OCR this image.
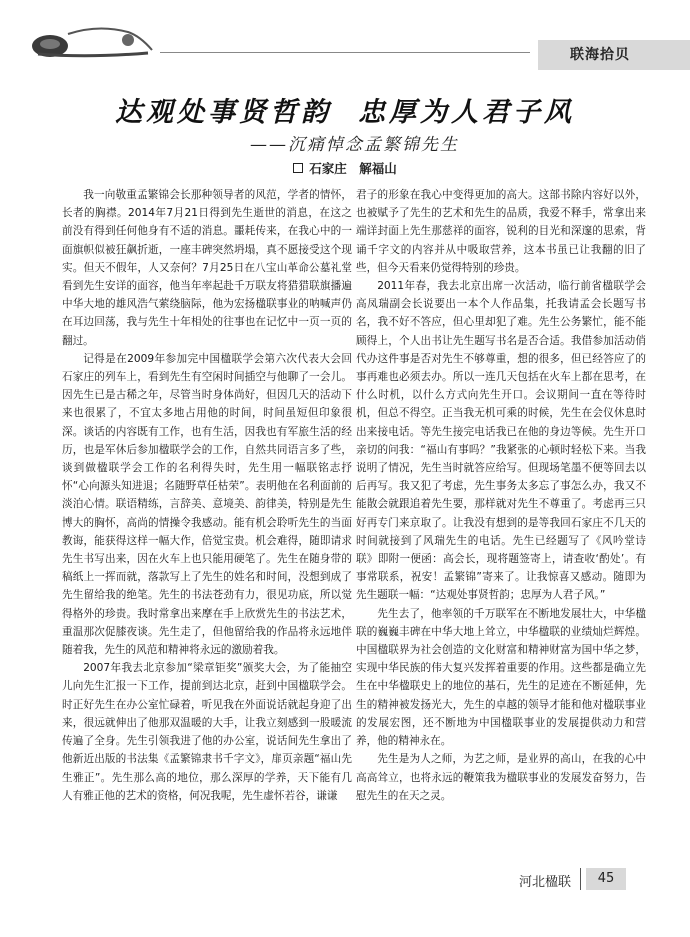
联海拾贝
达观处事贤哲韵 忠厚为人君子风
——沉痛悼念孟繁锦先生
石家庄　解福山

我一向敬重孟繁锦会长那种领导者的风范，学者的情怀，长者的胸襟。2014年7月21日得到先生逝世的消息，在这之前没有得到任何他身有不适的消息。噩耗传来，在我心中的一面旗帜似被狂飙折逝，一座丰碑突然坍塌，真不愿接受这个现实。但天不假年，人又奈何？7月25日在八宝山革命公墓礼堂看到先生安详的面容，他当年率起赴千万联友将猎猎联旗播遍中华大地的雄风浩气萦绕脑际，他为宏扬楹联事业的呐喊声仍在耳边回荡，我与先生十年相处的往事也在记忆中一页一页的翻过。

记得是在2009年参加完中国楹联学会第六次代表大会回石家庄的列车上，看到先生有空闲时间插空与他聊了一会儿。因先生已是古稀之年，尽管当时身体尚好，但因几天的活动下来也很累了，不宜太多地占用他的时间，时间虽短但印象很深。谈话的内容既有工作，也有生活，因我也有军旅生活的经历，也是军休后参加楹联学会的工作，自然共同语言多了些，谈到做楹联学会工作的名利得失时，先生用一幅联铭志抒怀“心向源头知进退；名随野草任枯荣”。表明他在名利面前的淡泊心情。联语精练，言辞美、意境美、韵律美，特别是先生博大的胸怀，高尚的情操令我感动。能有机会聆听先生的当面教诲，能获得这样一幅大作，倍觉宝贵。机会难得，随即请求先生书写出来，因在火车上也只能用硬笔了。先生在随身带的稿纸上一挥而就，落款写上了先生的姓名和时间，没想到成了先生留给我的绝笔。先生的书法苍劲有力，很见功底，所以觉得格外的珍贵。我时常拿出来摩在手上欣赏先生的书法艺术，重温那次促膝夜谈。先生走了，但他留给我的作品将永远地伴随着我，先生的风范和精神将永远的激励着我。

2007年我去北京参加“梁章钜奖”颁奖大会，为了能抽空儿向先生汇报一下工作，提前到达北京，赶到中国楹联学会。时正好先生在办公室忙碌着，听见我在外面说话就起身迎了出来，很远就伸出了他那双温暖的大手，让我立刻感到一股暖流传遍了全身。先生引领我进了他的办公室，说话间先生拿出了他新近出版的书法集《孟繁锦隶书千字文》，扉页亲题“福山先生雅正”。先生那么高的地位，那么深厚的学养，天下能有几人有雅正他的艺术的资格，何况我呢，先生虚怀若谷，谦谦

君子的形象在我心中变得更加的高大。这部书除内容好以外，也被赋予了先生的艺术和先生的品质，我爱不释手，常拿出来端详封面上先生那慈祥的面容，锐利的目光和深邃的思索，背诵千字文的内容并从中吸取营养，这本书虽已让我翻的旧了些，但今天看来仍觉得特别的珍贵。

2011年春，我去北京出席一次活动，临行前省楹联学会高凤瑞副会长说要出一本个人作品集，托我请孟会长题写书名，我不好不答应，但心里却犯了难。先生公务繁忙，能不能顾得上，个人出书让先生题写书名是否合适。我借参加活动俏代办这件事是否对先生不够尊重，想的很多，但已经答应了的事再难也必须去办。所以一连几天包括在火车上都在思考，在什么时机，以什么方式向先生开口。会议期间一直在等待时机，但总不得空。正当我无机可乘的时候，先生在会仪休息时出来接电话。等先生接完电话我已在他的身边等候。先生开口亲切的问我：“福山有事吗？”我紧张的心顿时轻松下来。当我说明了情况，先生当时就答应给写。但现场笔墨不便等回去以后再写。我又犯了考虑，先生事务太多忘了事怎么办，我又不能散会就跟追着先生要，那样就对先生不尊重了。考虑再三只好再专门来京取了。让我没有想到的是等我回石家庄不几天的时间就接到了风瑞先生的电话。先生已经题写了《风吟堂诗联》即附一便函：高会长，现将题签寄上，请查收‘酌处’。有事常联系，祝安！孟繁锦”寄来了。让我惊喜又感动。随即为先生题联一幅：“达观处事贤哲韵；忠厚为人君子风。”

先生去了，他率领的千万联军在不断地发展壮大，中华楹联的巍巍丰碑在中华大地上耸立，中华楹联的业绩灿烂辉煌。中国楹联界为社会创造的文化财富和精神财富为国中华之梦，实现中华民族的伟大复兴发挥着重要的作用。这些都是确立先生在中华楹联史上的地位的基石，先生的足迹在不断延伸，先生的精神被发扬光大，先生的卓越的领导才能和他对楹联事业的发展宏图，还不断地为中国楹联事业的发展提供动力和营养，他的精神永在。

先生是为人之师，为艺之师，是业界的高山，在我的心中高高耸立，也将永远的鞭策我为楹联事业的发展发奋努力，告慰先生的在天之灵。

河北楹联	45
